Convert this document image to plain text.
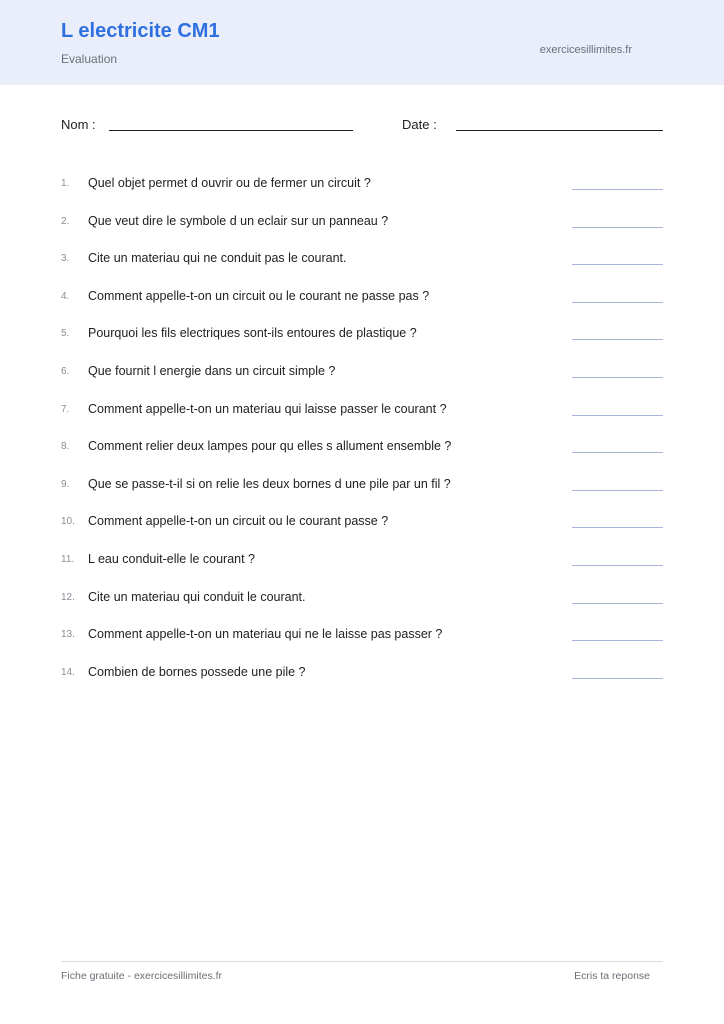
L electricite CM1
Evaluation
exercicesillimites.fr
Nom :	Date :
1.	Quel objet permet d ouvrir ou de fermer un circuit ?
2.	Que veut dire le symbole d un eclair sur un panneau ?
3.	Cite un materiau qui ne conduit pas le courant.
4.	Comment appelle-t-on un circuit ou le courant ne passe pas ?
5.	Pourquoi les fils electriques sont-ils entoures de plastique ?
6.	Que fournit l energie dans un circuit simple ?
7.	Comment appelle-t-on un materiau qui laisse passer le courant ?
8.	Comment relier deux lampes pour qu elles s allument ensemble ?
9.	Que se passe-t-il si on relie les deux bornes d une pile par un fil ?
10.	Comment appelle-t-on un circuit ou le courant passe ?
11.	L eau conduit-elle le courant ?
12.	Cite un materiau qui conduit le courant.
13.	Comment appelle-t-on un materiau qui ne le laisse pas passer ?
14.	Combien de bornes possede une pile ?
Fiche gratuite - exercicesillimites.fr	Ecris ta reponse
